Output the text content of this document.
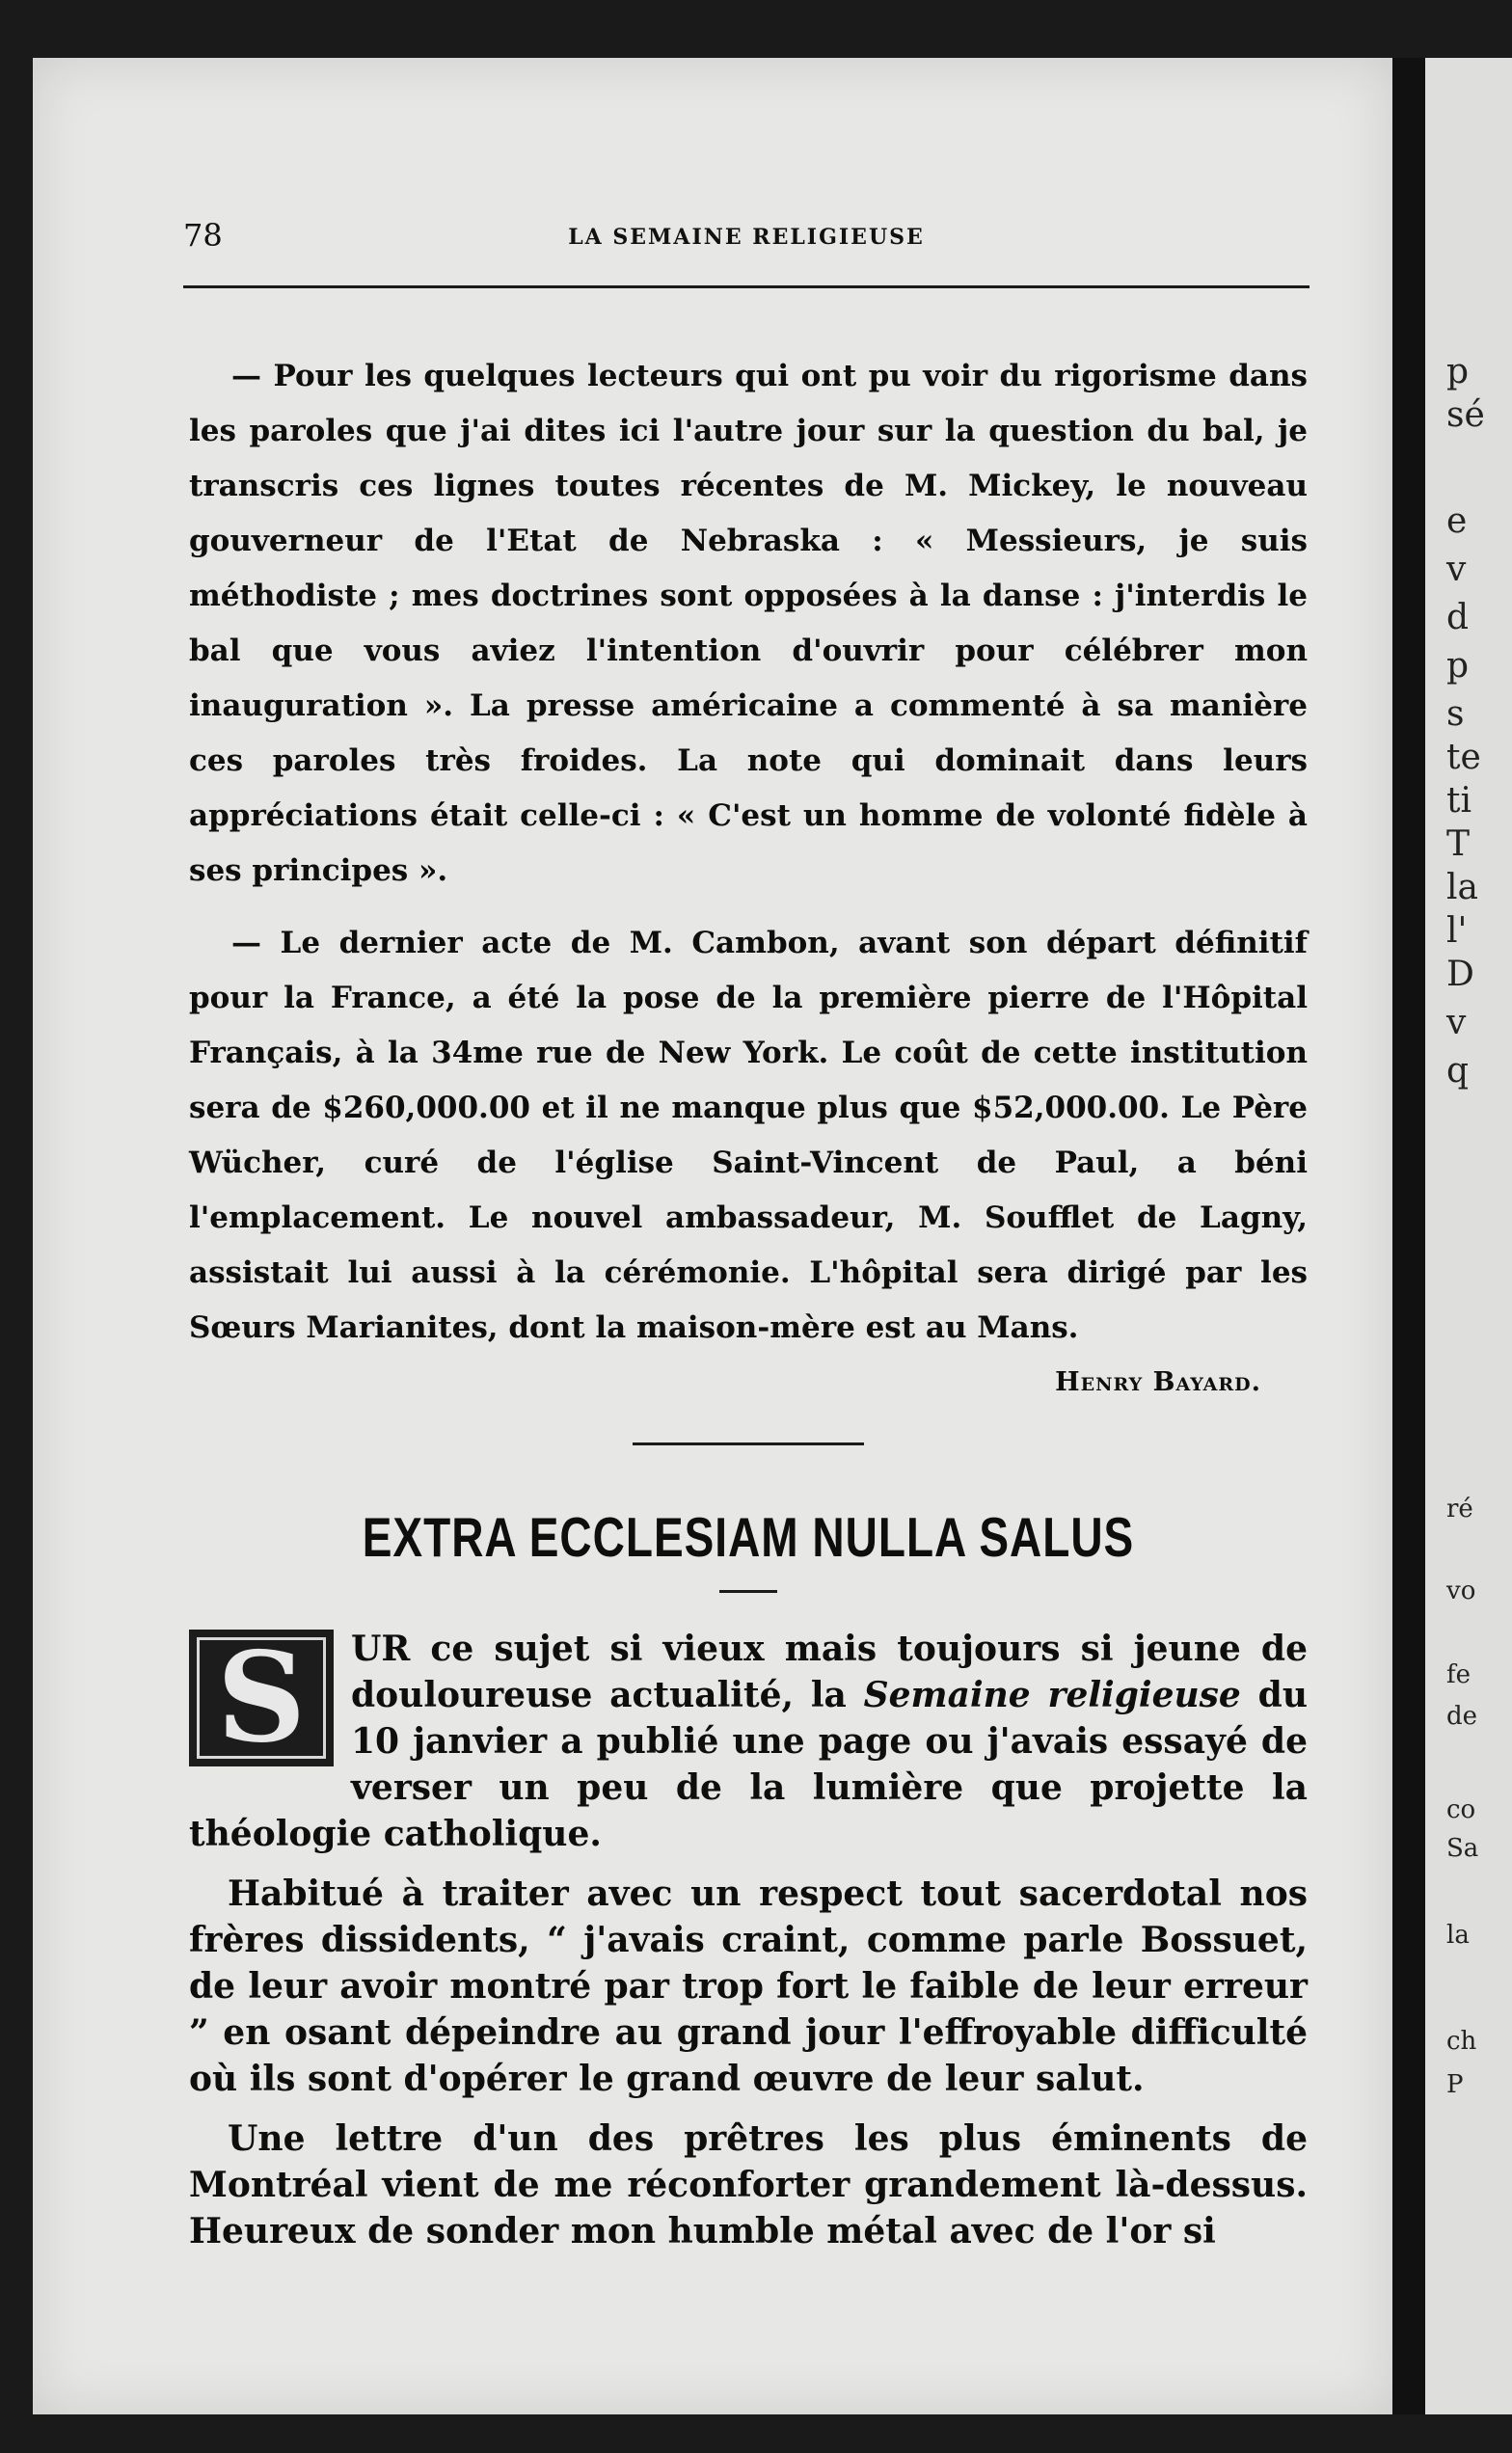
p
sé
e
v
d
p
s
te
ti
T
la
l'
D
v
q
ré
vo
fe
de
co
Sa
la
ch
P
78	LA SEMAINE RELIGIEUSE

— Pour les quelques lecteurs qui ont pu voir du rigorisme dans les paroles que j'ai dites ici l'autre jour sur la question du bal, je transcris ces lignes toutes récentes de M. Mickey, le nouveau gouverneur de l'Etat de Nebraska : « Messieurs, je suis méthodiste ; mes doctrines sont opposées à la danse : j'interdis le bal que vous aviez l'intention d'ouvrir pour célébrer mon inauguration ». La presse américaine a commenté à sa manière ces paroles très froides. La note qui dominait dans leurs appréciations était celle-ci : « C'est un homme de volonté fidèle à ses principes ».

— Le dernier acte de M. Cambon, avant son départ définitif pour la France, a été la pose de la première pierre de l'Hôpital Français, à la 34me rue de New York. Le coût de cette institution sera de $260,000.00 et il ne manque plus que $52,000.00. Le Père Wücher, curé de l'église Saint-Vincent de Paul, a béni l'emplacement. Le nouvel ambassadeur, M. Soufflet de Lagny, assistait lui aussi à la cérémonie. L'hôpital sera dirigé par les Sœurs Marianites, dont la maison-mère est au Mans.

Henry Bayard.
EXTRA ECCLESIAM NULLA SALUS

S UR ce sujet si vieux mais toujours si jeune de douloureuse actualité, la Semaine religieuse du 10 janvier a publié une page ou j'avais essayé de verser un peu de la lumière que projette la théologie catholique.

Habitué à traiter avec un respect tout sacerdotal nos frères dissidents, “ j'avais craint, comme parle Bossuet, de leur avoir montré par trop fort le faible de leur erreur ” en osant dépeindre au grand jour l'effroyable difficulté où ils sont d'opérer le grand œuvre de leur salut.

Une lettre d'un des prêtres les plus éminents de Montréal vient de me réconforter grandement là-dessus. Heureux de sonder mon humble métal avec de l'or si
